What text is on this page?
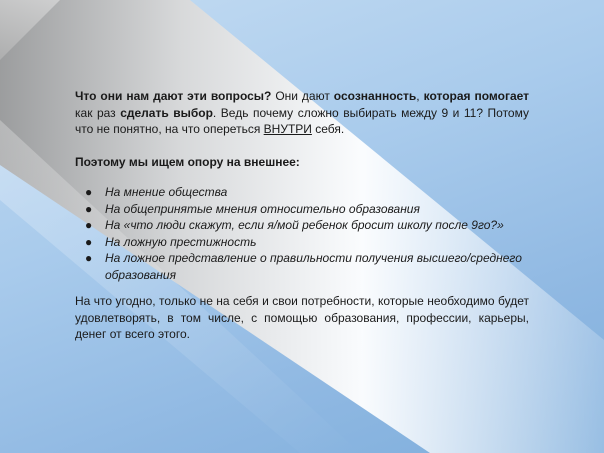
Что они нам дают эти вопросы? Они дают осознанность, которая помогает как раз сделать выбор. Ведь почему сложно выбирать между 9 и 11? Потому что не понятно, на что опереться ВНУТРИ себя.

Поэтому мы ищем опору на внешнее:

● На мнение общества
● На общепринятые мнения относительно образования
● На «что люди скажут, если я/мой ребенок бросит школу после 9го?»
● На ложную престижность
● На ложное представление о правильности получения высшего/среднего образования

На что угодно, только не на себя и свои потребности, которые необходимо будет удовлетворять, в том числе, с помощью образования, профессии, карьеры, денег от всего этого.
